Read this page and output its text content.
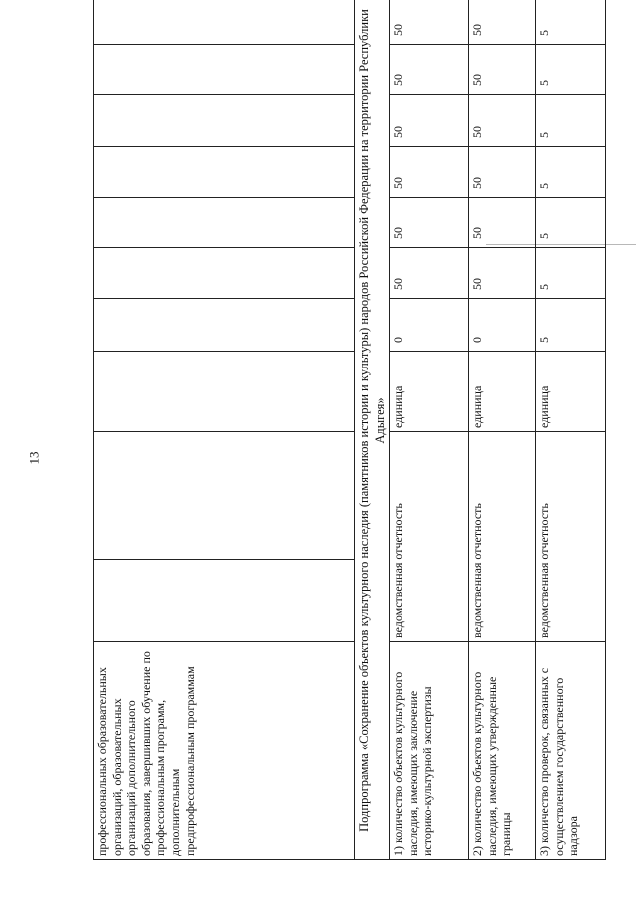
13
профессиональных образовательных организаций, образовательных организаций дополнительного образования, завершивших обучение по профессиональным программ, дополнительным предпрофессиональным программам										
Подпрограмма «Сохранение объектов культурного наследия (памятников истории и культуры) народов Российской Федерации на территории Республики Адыгея»										
1) количество объектов культурного наследия, имеющих заключение историко-культурной экспертизы	ведомственная отчетность		единица	0	50	50	50	50	50	50
2) количество объектов культурного наследия, имеющих утвержденные границы	ведомственная отчетность		единица	0	50	50	50	50	50	50
3) количество проверок, связанных с осуществлением государственного надзора	ведомственная отчетность		единица	5	5	5	5	5	5	5
